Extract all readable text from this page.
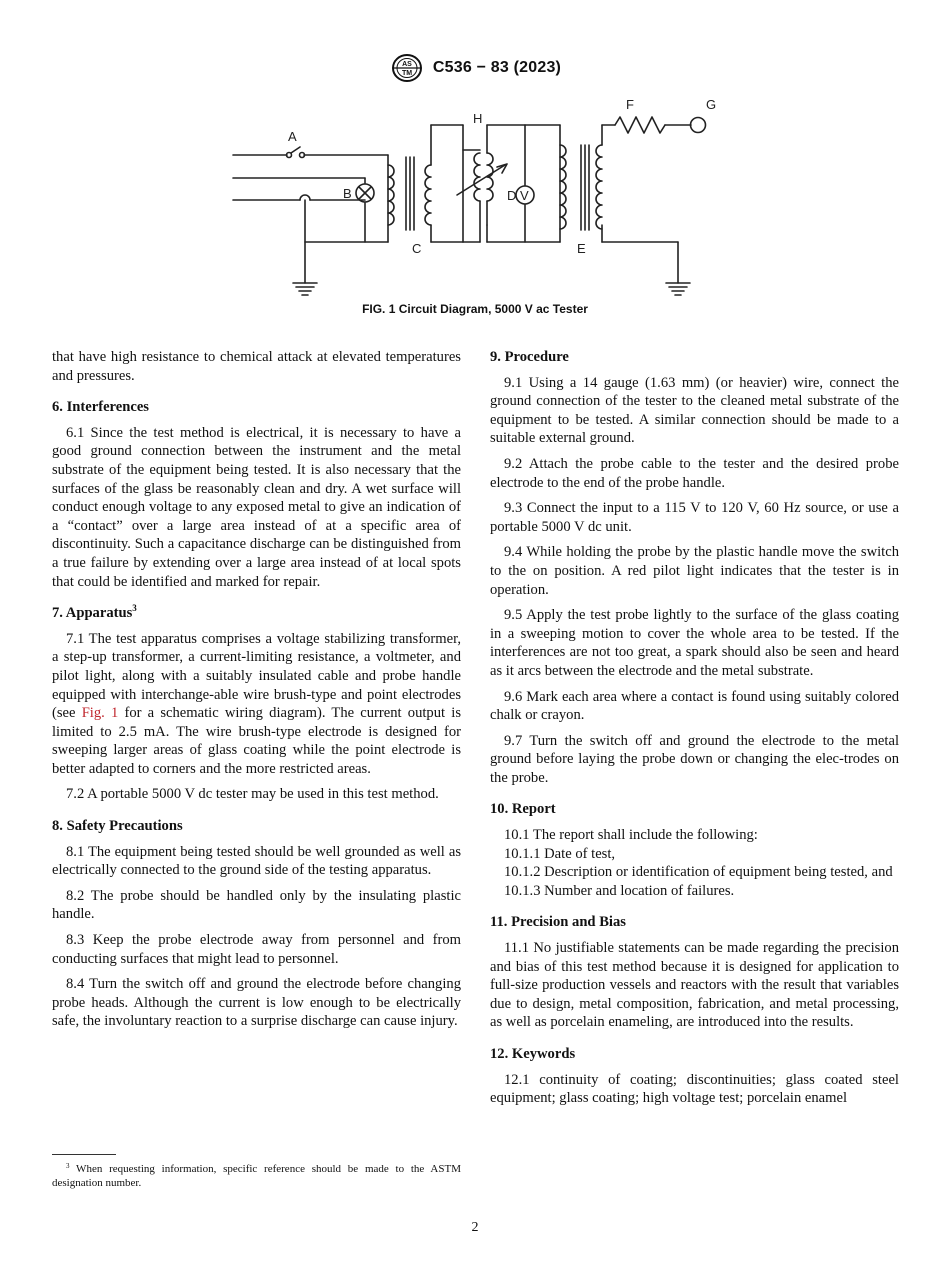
AS
TM C536 − 83 (2023)
A
B
C
H
D V
E
F	G
FIG. 1 Circuit Diagram, 5000 V ac Tester

that have high resistance to chemical attack at elevated temperatures and pressures.

6. Interferences

6.1 Since the test method is electrical, it is necessary to have a good ground connection between the instrument and the metal substrate of the equipment being tested. It is also necessary that the surfaces of the glass be reasonably clean and dry. A wet surface will conduct enough voltage to any exposed metal to give an indication of a “contact” over a large area instead of at a specific area of discontinuity. Such a capacitance discharge can be distinguished from a true failure by extending over a large area instead of at local spots that could be identified and marked for repair.

7. Apparatus$^3$

7.1 The test apparatus comprises a voltage stabilizing transformer, a step-up transformer, a current-limiting resistance, a voltmeter, and pilot light, along with a suitably insulated cable and probe handle equipped with interchange-able wire brush-type and point electrodes (see Fig. 1 for a schematic wiring diagram). The current output is limited to 2.5 mA. The wire brush-type electrode is designed for sweeping larger areas of glass coating while the point electrode is better adapted to corners and the more restricted areas.

7.2 A portable 5000 V dc tester may be used in this test method.

8. Safety Precautions

8.1 The equipment being tested should be well grounded as well as electrically connected to the ground side of the testing apparatus.

8.2 The probe should be handled only by the insulating plastic handle.

8.3 Keep the probe electrode away from personnel and from conducting surfaces that might lead to personnel.

8.4 Turn the switch off and ground the electrode before changing probe heads. Although the current is low enough to be electrically safe, the involuntary reaction to a surprise discharge can cause injury.

$^3$ When requesting information, specific reference should be made to the ASTM designation number.
9. Procedure

9.1 Using a 14 gauge (1.63 mm) (or heavier) wire, connect the ground connection of the tester to the cleaned metal substrate of the equipment to be tested. A similar connection should be made to a suitable external ground.

9.2 Attach the probe cable to the tester and the desired probe electrode to the end of the probe handle.

9.3 Connect the input to a 115 V to 120 V, 60 Hz source, or use a portable 5000 V dc unit.

9.4 While holding the probe by the plastic handle move the switch to the on position. A red pilot light indicates that the tester is in operation.

9.5 Apply the test probe lightly to the surface of the glass coating in a sweeping motion to cover the whole area to be tested. If the interferences are not too great, a spark should also be seen and heard as it arcs between the electrode and the metal substrate.

9.6 Mark each area where a contact is found using suitably colored chalk or crayon.

9.7 Turn the switch off and ground the electrode to the metal ground before laying the probe down or changing the elec-trodes on the probe.

10. Report

10.1 The report shall include the following:

10.1.1 Date of test,

10.1.2 Description or identification of equipment being tested, and

10.1.3 Number and location of failures.

11. Precision and Bias

11.1 No justifiable statements can be made regarding the precision and bias of this test method because it is designed for application to full-size production vessels and reactors with the result that variables due to design, metal composition, fabrication, and metal processing, as well as porcelain enameling, are introduced into the results.

12. Keywords

12.1 continuity of coating; discontinuities; glass coated steel equipment; glass coating; high voltage test; porcelain enamel

2
